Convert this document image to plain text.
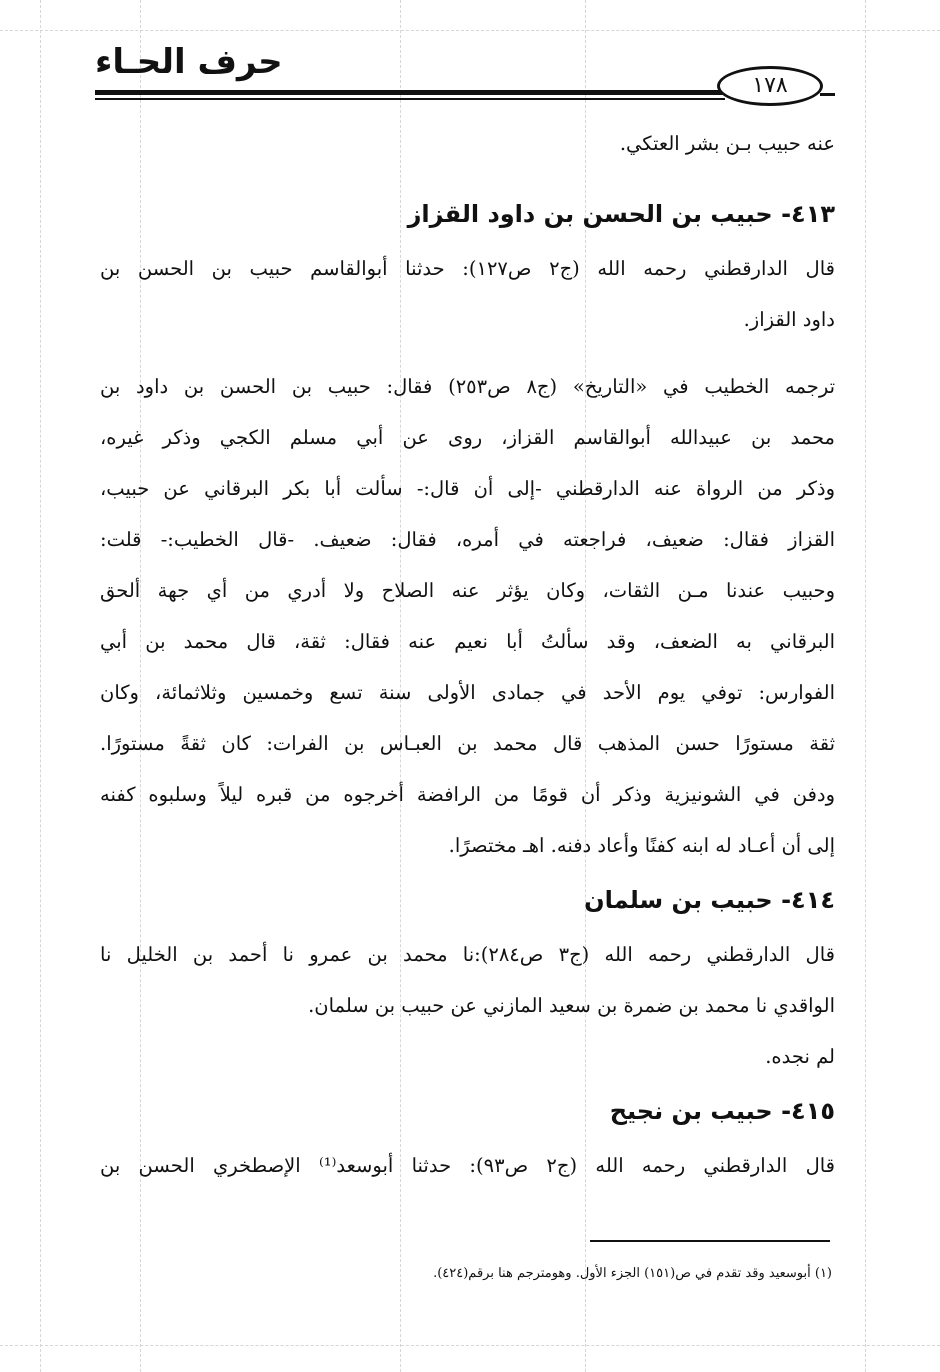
حرف الحـاء
١٧٨
عنه حبيب بـن بشر العتكي.
٤١٣- حبيب بن الحسن بن داود القزاز

قال الدارقطني رحمه الله (ج٢ ص١٢٧): حدثنا أبوالقاسم حبيب بن الحسن بن
داود القزاز.

ترجمه الخطيب في «التاريخ» (ج٨ ص٢٥٣) فقال: حبيب بن الحسن بن داود بن
محمد بن عبيدالله أبوالقاسم القزاز، روى عن أبي مسلم الكجي وذكر غيره،
وذكر من الرواة عنه الدارقطني -إلى أن قال:- سألت أبا بكر البرقاني عن حبيب،
القزاز فقال: ضعيف، فراجعته في أمره، فقال: ضعيف. -قال الخطيب:- قلت:
وحبيب عندنا مـن الثقات، وكان يؤثر عنه الصلاح ولا أدري من أي جهة ألحق
البرقاني به الضعف، وقد سألتُ أبا نعيم عنه فقال: ثقة، قال محمد بن أبي
الفوارس: توفي يوم الأحد في جمادى الأولى سنة تسع وخمسين وثلاثمائة، وكان
ثقة مستورًا حسن المذهب قال محمد بن العبـاس بن الفرات: كان ثقةً مستورًا.
ودفن في الشونيزية وذكر أن قومًا من الرافضة أخرجوه من قبره ليلاً وسلبوه كفنه
إلى أن أعـاد له ابنه كفنًا وأعاد دفنه. اهـ مختصرًا.

٤١٤- حبيب بن سلمان

قال الدارقطني رحمه الله (ج٣ ص٢٨٤):نا محمد بن عمرو نا أحمد بن الخليل نا
الواقدي نا محمد بن ضمرة بن سعيد المازني عن حبيب بن سلمان.

لم نجده.

٤١٥- حبيب بن نجيح

قال الدارقطني رحمه الله (ج٢ ص٩٣): حدثنا أبوسعد⁽¹⁾ الإصطخري الحسن بن

(١) أبوسعيد وقد تقدم في ص(١٥١) الجزء الأول. وهومترجم هنا برقم(٤٢٤).
